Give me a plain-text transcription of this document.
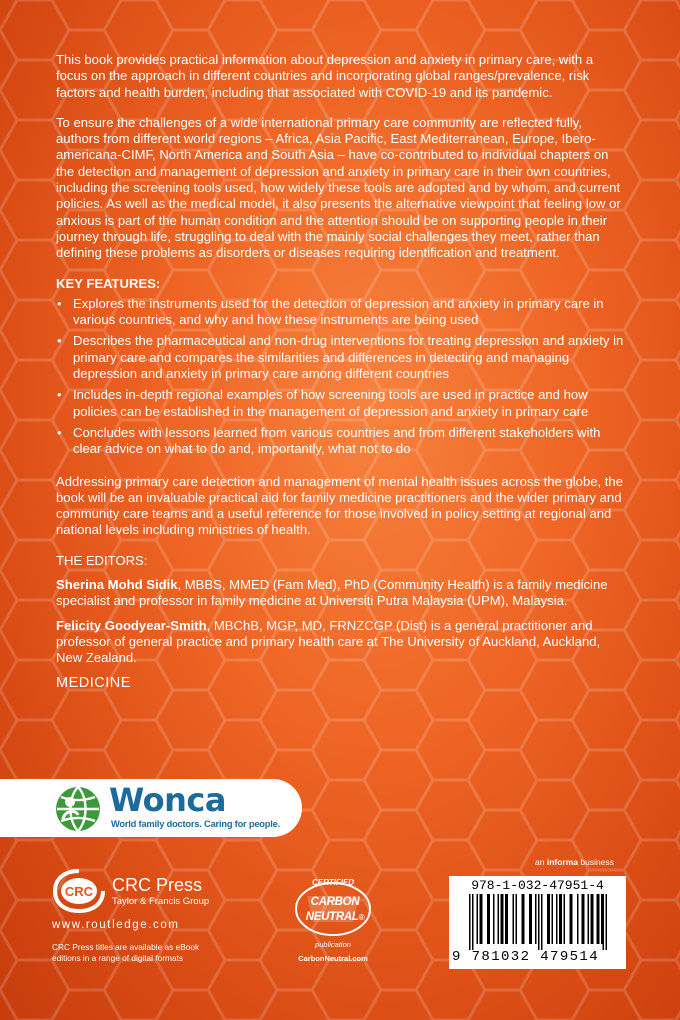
This book provides practical information about depression and anxiety in primary care, with a focus on the approach in different countries and incorporating global ranges/prevalence, risk factors and health burden, including that associated with COVID-19 and its pandemic.

To ensure the challenges of a wide international primary care community are reflected fully, authors from different world regions – Africa, Asia Pacific, East Mediterranean, Europe, Ibero-americana-CIMF, North America and South Asia – have co-contributed to individual chapters on the detection and management of depression and anxiety in primary care in their own countries, including the screening tools used, how widely these tools are adopted and by whom, and current policies. As well as the medical model, it also presents the alternative viewpoint that feeling low or anxious is part of the human condition and the attention should be on supporting people in their journey through life, struggling to deal with the mainly social challenges they meet, rather than defining these problems as disorders or diseases requiring identification and treatment.

KEY FEATURES:
• Explores the instruments used for the detection of depression and anxiety in primary care in various countries, and why and how these instruments are being used
• Describes the pharmaceutical and non-drug interventions for treating depression and anxiety in primary care and compares the similarities and differences in detecting and managing depression and anxiety in primary care among different countries
• Includes in-depth regional examples of how screening tools are used in practice and how policies can be established in the management of depression and anxiety in primary care
• Concludes with lessons learned from various countries and from different stakeholders with clear advice on what to do and, importantly, what not to do

Addressing primary care detection and management of mental health issues across the globe, the book will be an invaluable practical aid for family medicine practitioners and the wider primary and community care teams and a useful reference for those involved in policy setting at regional and national levels including ministries of health.

THE EDITORS:
Sherina Mohd Sidik, MBBS, MMED (Fam Med), PhD (Community Health) is a family medicine specialist and professor in family medicine at Universiti Putra Malaysia (UPM), Malaysia.
Felicity Goodyear-Smith, MBChB, MGP, MD, FRNZCGP (Dist) is a general practitioner and professor of general practice and primary health care at The University of Auckland, Auckland, New Zealand.
MEDICINE
Wonca
World family doctors. Caring for people.
an informa business
CRC CRC Press
Taylor & Francis Group
www.routledge.com
CRC Press titles are available as eBook editions in a range of digital formats
CERTIFIED
CARBON
NEUTRAL®
publication
CarbonNeutral.com
978-1-032-47951-4
9 781032 479514
